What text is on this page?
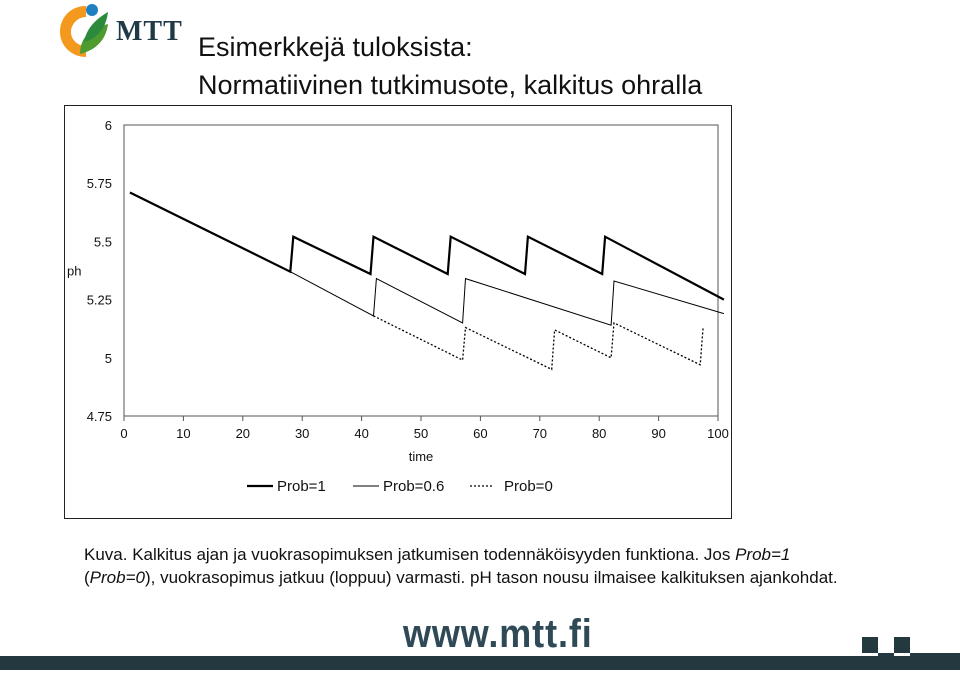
MTT Esimerkkejä tuloksista:
Normatiivinen tutkimusote, kalkitus ohralla
6
5.75
5.5
5.25
5
4.75
0	10	20	30	40	50	60	70	80	90	100
time
ph
Prob=1	Prob=0.6	Prob=0
Kuva. Kalkitus ajan ja vuokrasopimuksen jatkumisen todennäköisyyden funktiona. Jos Prob=1
(Prob=0), vuokrasopimus jatkuu (loppuu) varmasti. pH tason nousu ilmaisee kalkituksen ajankohdat.
www.mtt.fi
